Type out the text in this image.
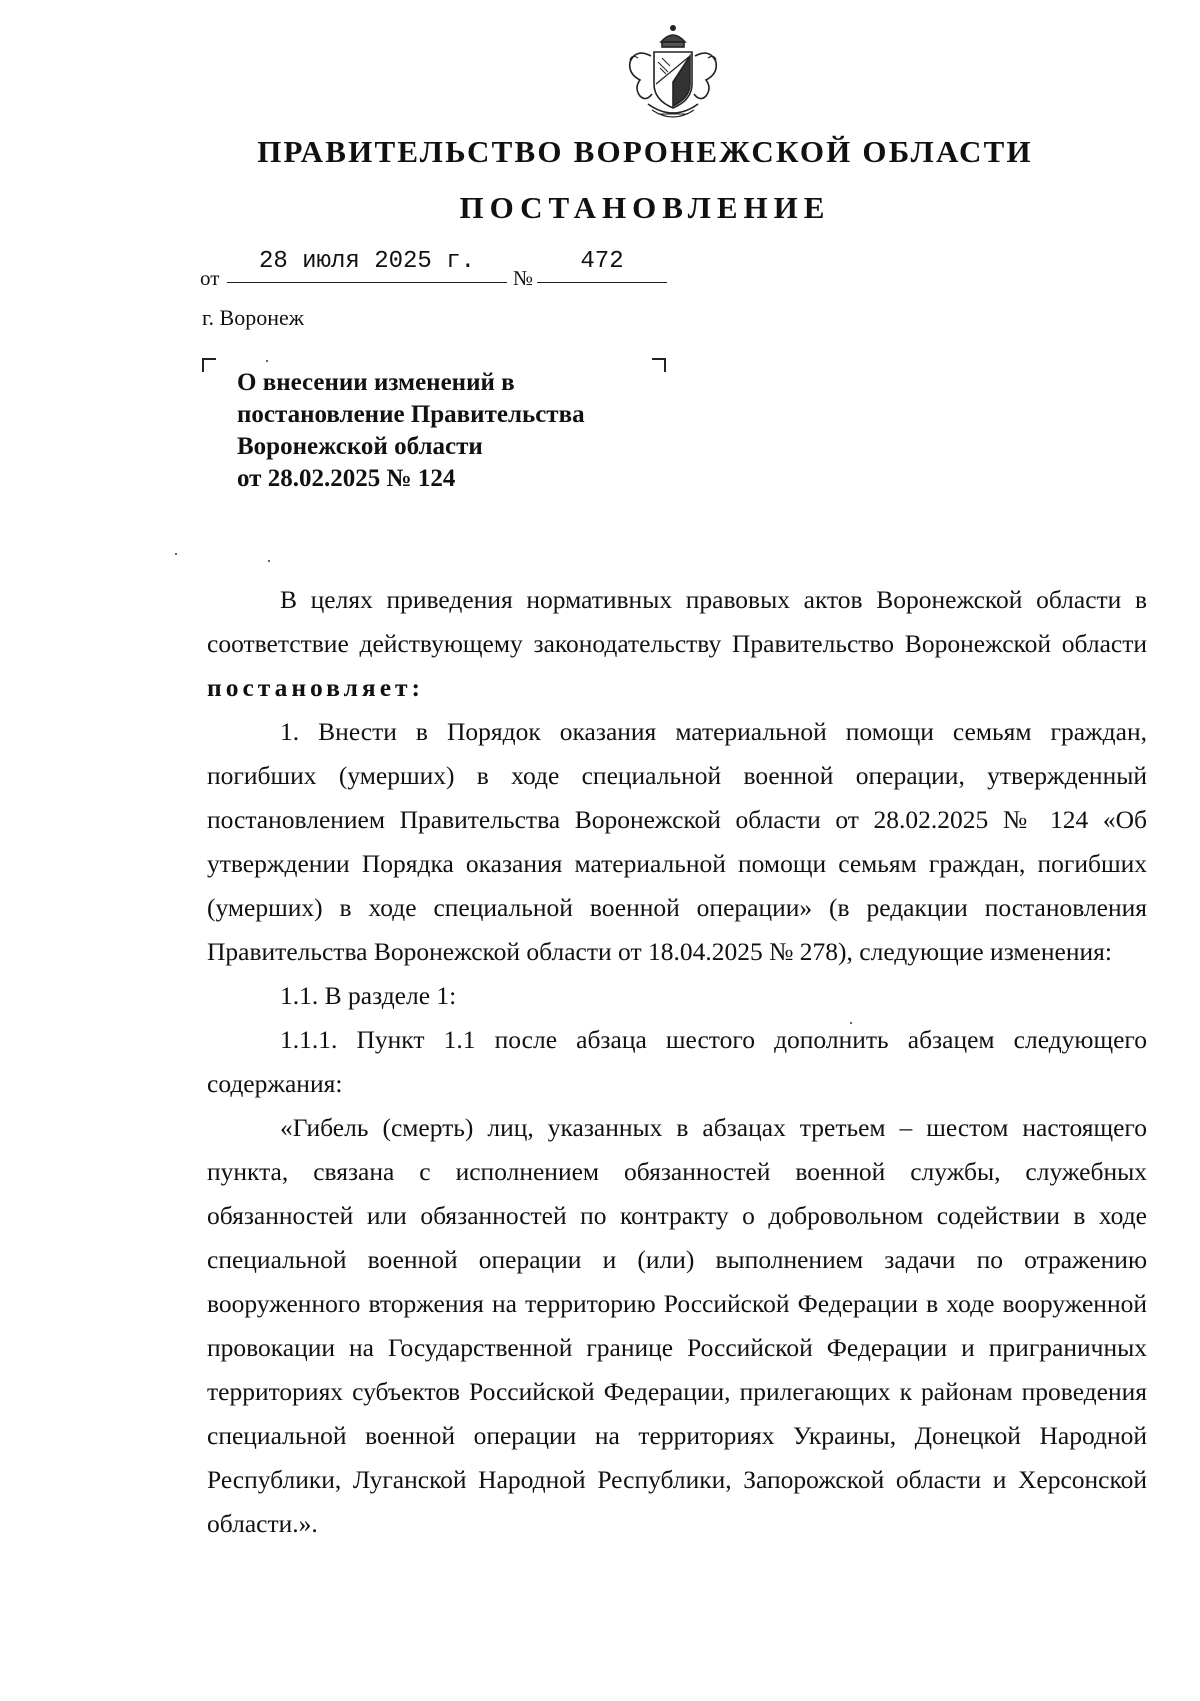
ПРАВИТЕЛЬСТВО ВОРОНЕЖСКОЙ ОБЛАСТИ
ПОСТАНОВЛЕНИЕ
от
28 июля 2025 г.
№
472
г. Воронеж
О внесении изменений в
постановление Правительства
Воронежской области
от 28.02.2025 № 124

В целях приведения нормативных правовых актов Воронежской области в соответствие действующему законодательству Правительство Воронежской области постановляет:

1. Внести в Порядок оказания материальной помощи семьям граждан, погибших (умерших) в ходе специальной военной операции, утвержденный постановлением Правительства Воронежской области от 28.02.2025 № 124 «Об утверждении Порядка оказания материальной помощи семьям граждан, погибших (умерших) в ходе специальной военной операции» (в редакции постановления Правительства Воронежской области от 18.04.2025 № 278), следующие изменения:

1.1. В разделе 1:

1.1.1. Пункт 1.1 после абзаца шестого дополнить абзацем следующего содержания:

«Гибель (смерть) лиц, указанных в абзацах третьем – шестом настоящего пункта, связана с исполнением обязанностей военной службы, служебных обязанностей или обязанностей по контракту о добровольном содействии в ходе специальной военной операции и (или) выполнением задачи по отражению вооруженного вторжения на территорию Российской Федерации в ходе вооруженной провокации на Государственной границе Российской Федерации и приграничных территориях субъектов Российской Федерации, прилегающих к районам проведения специальной военной операции на территориях Украины, Донецкой Народной Республики, Луганской Народной Республики, Запорожской области и Херсонской области.».
